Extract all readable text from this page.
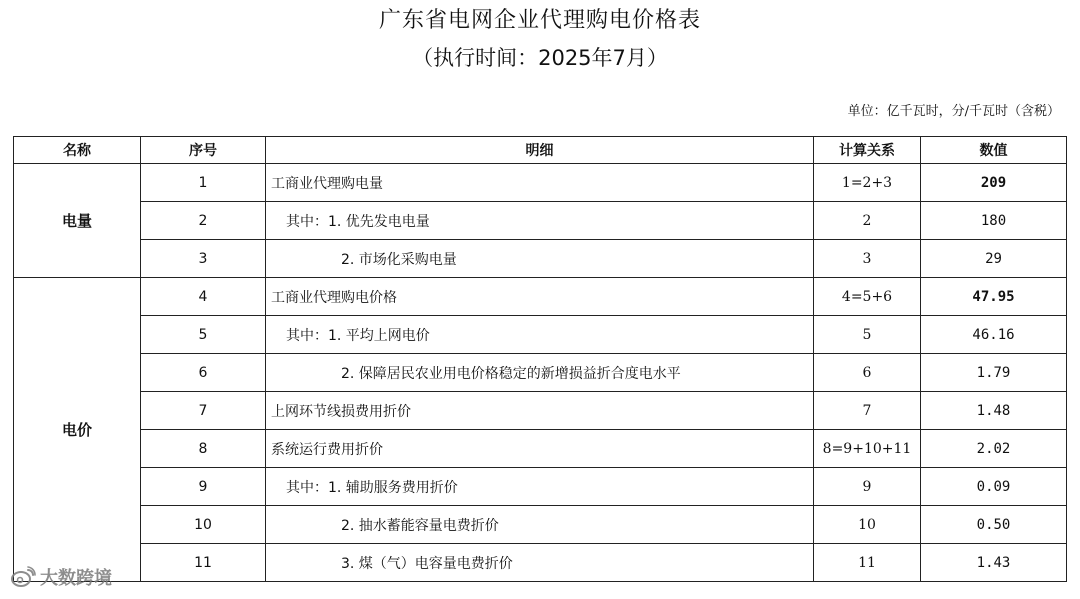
广东省电网企业代理购电价格表
（执行时间：2025年7月）
单位：亿千瓦时，分/千瓦时（含税）
名称	序号	明细	计算关系	数值
电量	1	工商业代理购电量	1=2+3	209
	2	其中：1. 优先发电电量	2	180
	3	2. 市场化采购电量	3	29
电价	4	工商业代理购电价格	4=5+6	47.95
	5	其中：1. 平均上网电价	5	46.16
	6	2. 保障居民农业用电价格稳定的新增损益折合度电水平	6	1.79
	7	上网环节线损费用折价	7	1.48
	8	系统运行费用折价	8=9+10+11	2.02
	9	其中：1. 辅助服务费用折价	9	0.09
	10	2. 抽水蓄能容量电费折价	10	0.50
	11	3. 煤（气）电容量电费折价	11	1.43
大数跨境
